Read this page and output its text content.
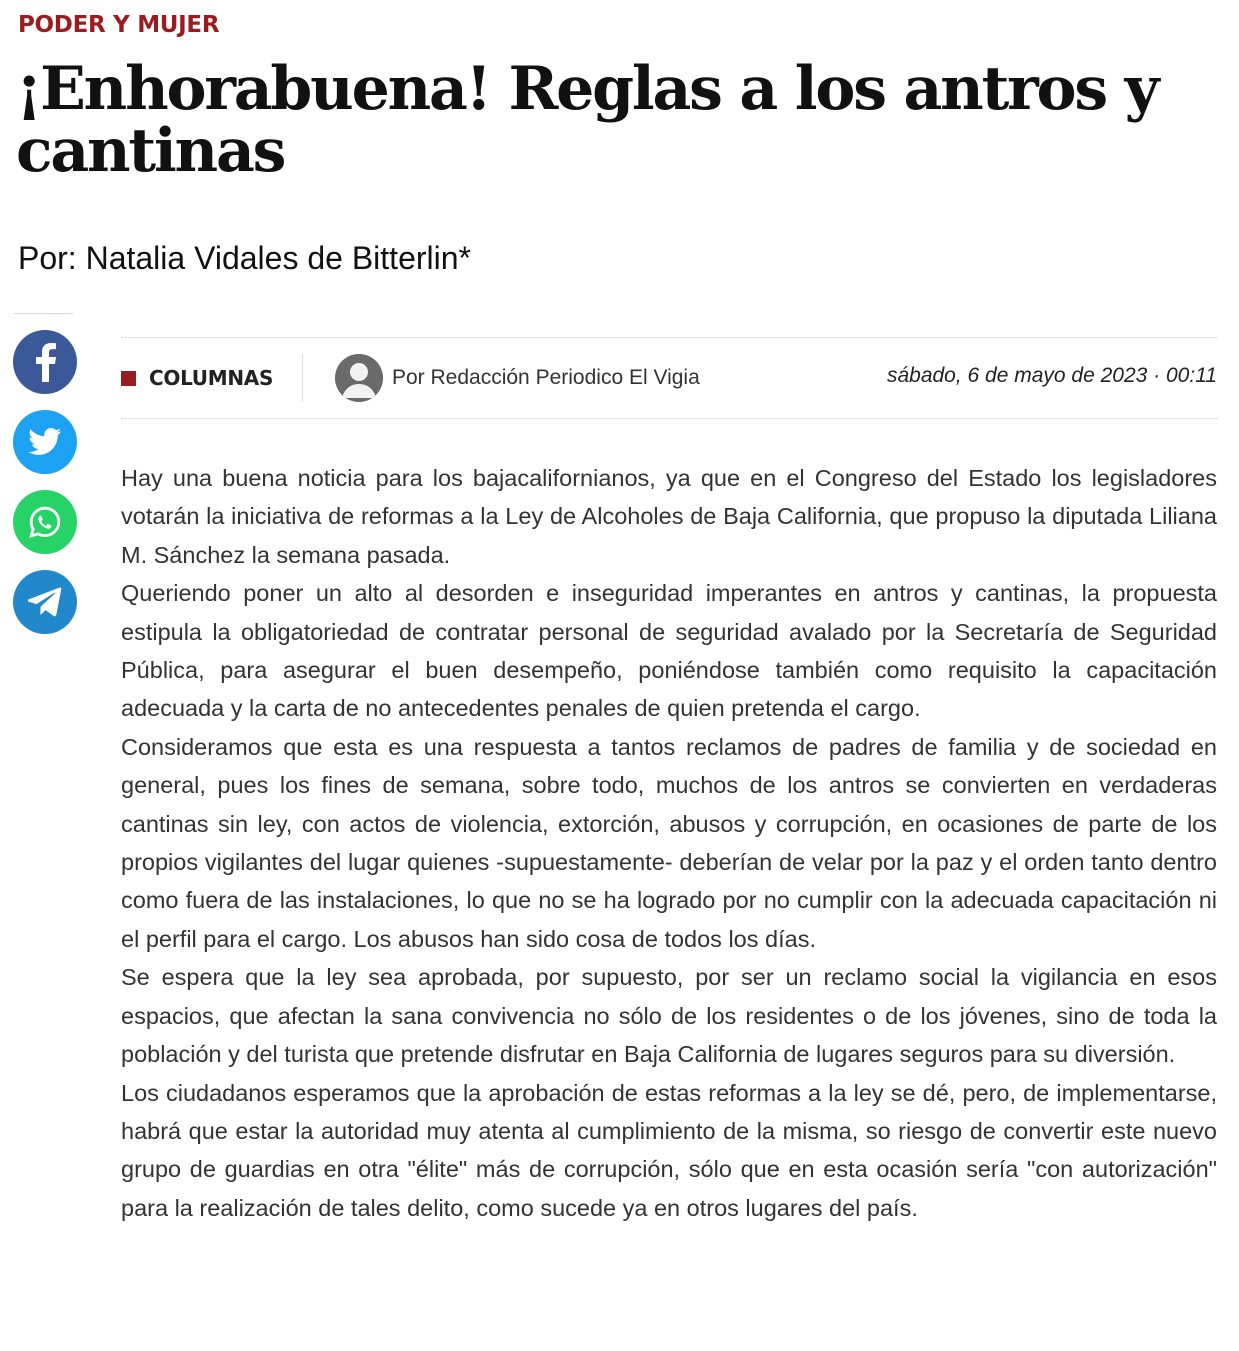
PODER Y MUJER
¡Enhorabuena! Reglas a los antros y cantinas
Por: Natalia Vidales de Bitterlin*
COLUMNAS	Por Redacción Periodico El Vigia	sábado, 6 de mayo de 2023 · 00:11

Hay una buena noticia para los bajacalifornianos, ya que en el Congreso del Estado los legisladores votarán la iniciativa de reformas a la Ley de Alcoholes de Baja California, que propuso la diputada Liliana M. Sánchez la semana pasada.

Queriendo poner un alto al desorden e inseguridad imperantes en antros y cantinas, la propuesta estipula la obligatoriedad de contratar personal de seguridad avalado por la Secretaría de Seguridad Pública, para asegurar el buen desempeño, poniéndose también como requisito la capacitación adecuada y la carta de no antecedentes penales de quien pretenda el cargo.

Consideramos que esta es una respuesta a tantos reclamos de padres de familia y de sociedad en general, pues los fines de semana, sobre todo, muchos de los antros se convierten en verdaderas cantinas sin ley, con actos de violencia, extorción, abusos y corrupción, en ocasiones de parte de los propios vigilantes del lugar quienes -supuestamente- deberían de velar por la paz y el orden tanto dentro como fuera de las instalaciones, lo que no se ha logrado por no cumplir con la adecuada capacitación ni el perfil para el cargo. Los abusos han sido cosa de todos los días.

Se espera que la ley sea aprobada, por supuesto, por ser un reclamo social la vigilancia en esos espacios, que afectan la sana convivencia no sólo de los residentes o de los jóvenes, sino de toda la población y del turista que pretende disfrutar en Baja California de lugares seguros para su diversión.

Los ciudadanos esperamos que la aprobación de estas reformas a la ley se dé, pero, de implementarse, habrá que estar la autoridad muy atenta al cumplimiento de la misma, so riesgo de convertir este nuevo grupo de guardias en otra "élite" más de corrupción, sólo que en esta ocasión sería "con autorización" para la realización de tales delito, como sucede ya en otros lugares del país.
